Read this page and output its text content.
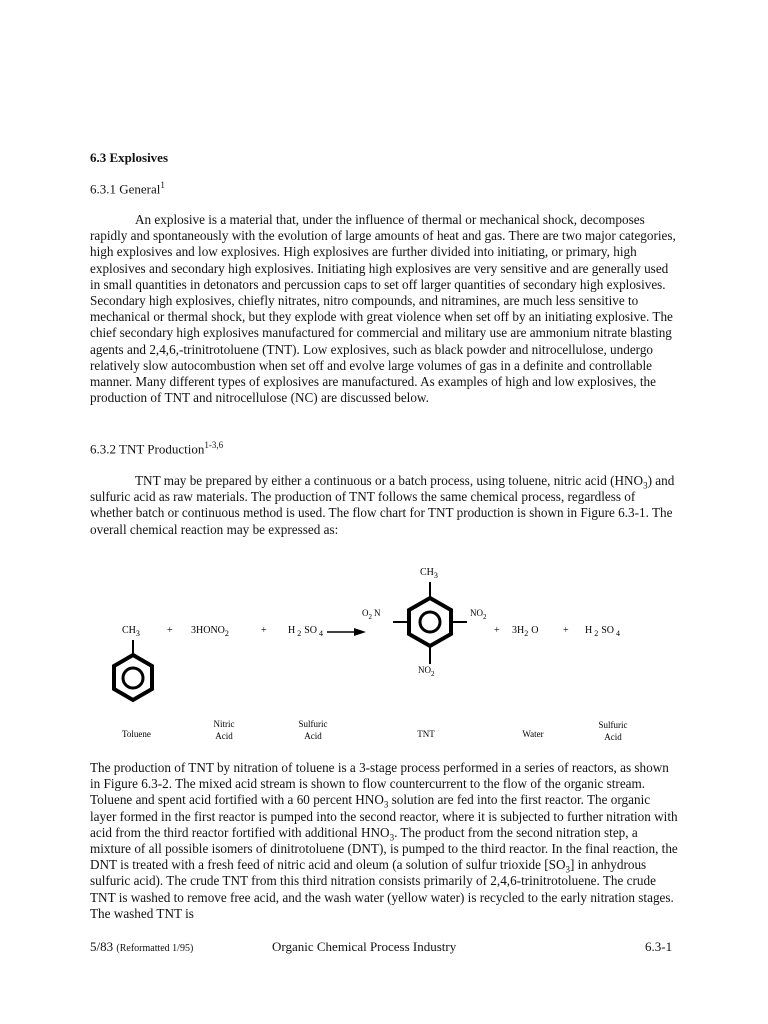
6.3 Explosives
6.3.1 General$^1$

An explosive is a material that, under the influence of thermal or mechanical shock, decomposes rapidly and spontaneously with the evolution of large amounts of heat and gas. There are two major categories, high explosives and low explosives. High explosives are further divided into initiating, or primary, high explosives and secondary high explosives. Initiating high explosives are very sensitive and are generally used in small quantities in detonators and percussion caps to set off larger quantities of secondary high explosives. Secondary high explosives, chiefly nitrates, nitro compounds, and nitramines, are much less sensitive to mechanical or thermal shock, but they explode with great violence when set off by an initiating explosive. The chief secondary high explosives manufactured for commercial and military use are ammonium nitrate blasting agents and 2,4,6,-trinitrotoluene (TNT). Low explosives, such as black powder and nitrocellulose, undergo relatively slow autocombustion when set off and evolve large volumes of gas in a definite and controllable manner. Many different types of explosives are manufactured. As examples of high and low explosives, the production of TNT and nitrocellulose (NC) are discussed below.

6.3.2 TNT Production$^{1-3,6}$

TNT may be prepared by either a continuous or a batch process, using toluene, nitric acid $(HNO_3)$ and sulfuric acid as raw materials. The production of TNT follows the same chemical process, regardless of whether batch or continuous method is used. The flow chart for TNT production is shown in Figure 6.3-1. The overall chemical reaction may be expressed as:

$CH_3$	+ $3HONO_2$	+ H $_2$ SO $_4$
$CH_3$
$O_2$ N	$NO_2$
$NO_2$
+ $3H_2$ O + H $_2$ SO $_4$
Toluene
Nitric
Acid
Sulfuric
Acid	TNT	Water
Sulfuric
Acid

The production of TNT by nitration of toluene is a 3-stage process performed in a series of reactors, as shown in Figure 6.3-2. The mixed acid stream is shown to flow countercurrent to the flow of the organic stream. Toluene and spent acid fortified with a 60 percent $HNO_3$ solution are fed into the first reactor. The organic layer formed in the first reactor is pumped into the second reactor, where it is subjected to further nitration with acid from the third reactor fortified with additional $HNO_3$. The product from the second nitration step, a mixture of all possible isomers of dinitrotoluene (DNT), is pumped to the third reactor. In the final reaction, the DNT is treated with a fresh feed of nitric acid and oleum (a solution of sulfur trioxide $[SO_3]$ in anhydrous sulfuric acid). The crude TNT from this third nitration consists primarily of 2,4,6-trinitrotoluene. The crude TNT is washed to remove free acid, and the wash water (yellow water) is recycled to the early nitration stages. The washed TNT is

5/83 (Reformatted 1/95)	Organic Chemical Process Industry	6.3-1
